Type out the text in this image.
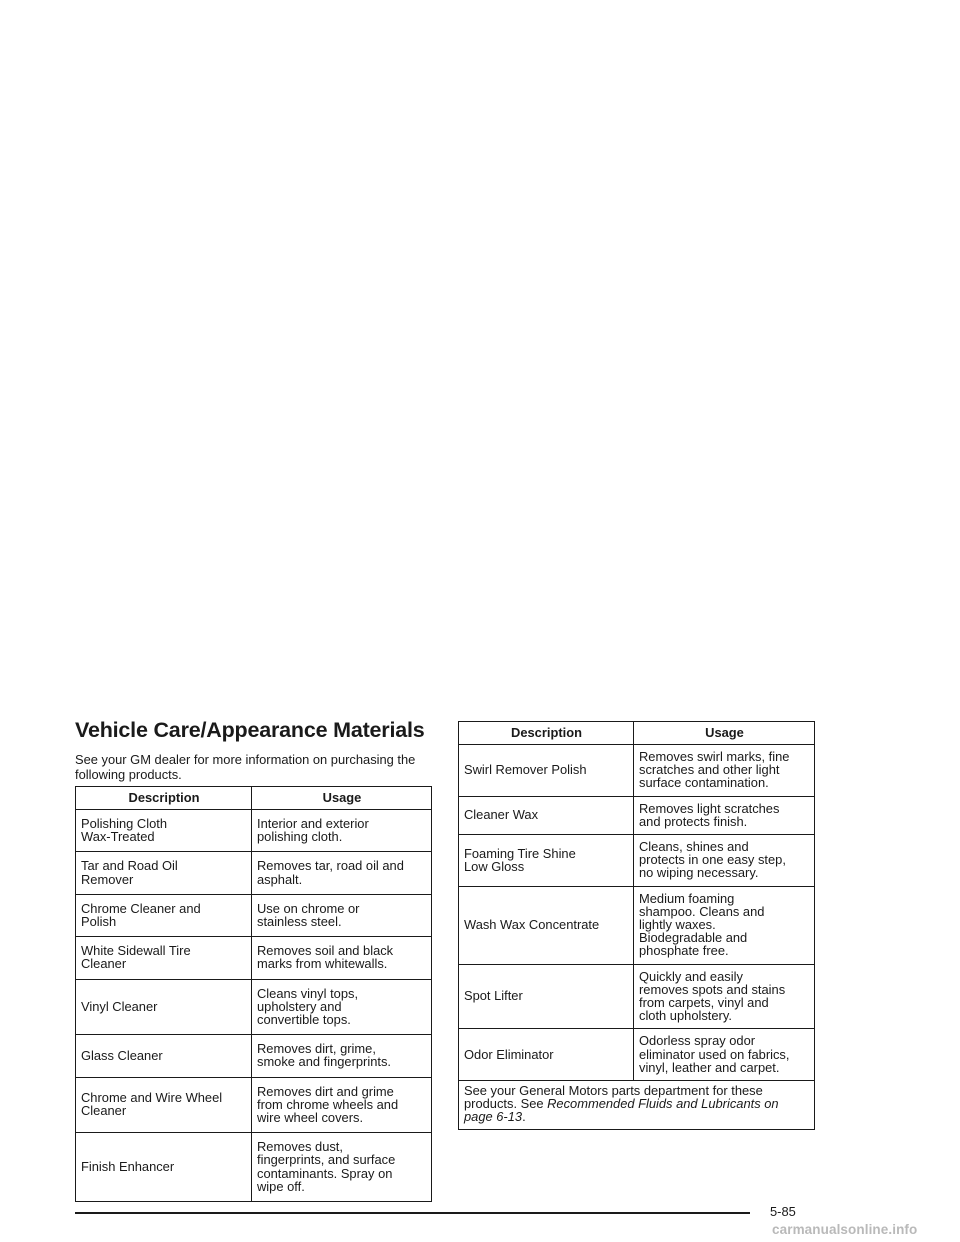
Vehicle Care/Appearance Materials

See your GM dealer for more information on purchasing the following products.

Description	Usage
Polishing Cloth
Wax-Treated	Interior and exterior
polishing cloth.
Tar and Road Oil
Remover	Removes tar, road oil and
asphalt.
Chrome Cleaner and
Polish	Use on chrome or
stainless steel.
White Sidewall Tire
Cleaner	Removes soil and black
marks from whitewalls.
Vinyl Cleaner	Cleans vinyl tops,
upholstery and
convertible tops.
Glass Cleaner	Removes dirt, grime,
smoke and fingerprints.
Chrome and Wire Wheel
Cleaner	Removes dirt and grime
from chrome wheels and
wire wheel covers.
Finish Enhancer	Removes dust,
fingerprints, and surface
contaminants. Spray on
wipe off.
Description	Usage
Swirl Remover Polish	Removes swirl marks, fine
scratches and other light
surface contamination.
Cleaner Wax	Removes light scratches
and protects finish.
Foaming Tire Shine
Low Gloss	Cleans, shines and
protects in one easy step,
no wiping necessary.
Wash Wax Concentrate	Medium foaming
shampoo. Cleans and
lightly waxes.
Biodegradable and
phosphate free.
Spot Lifter	Quickly and easily
removes spots and stains
from carpets, vinyl and
cloth upholstery.
Odor Eliminator	Odorless spray odor
eliminator used on fabrics,
vinyl, leather and carpet.
See your General Motors parts department for these products. See Recommended Fluids and Lubricants on page 6-13.	
5-85
carmanualsonline.info
